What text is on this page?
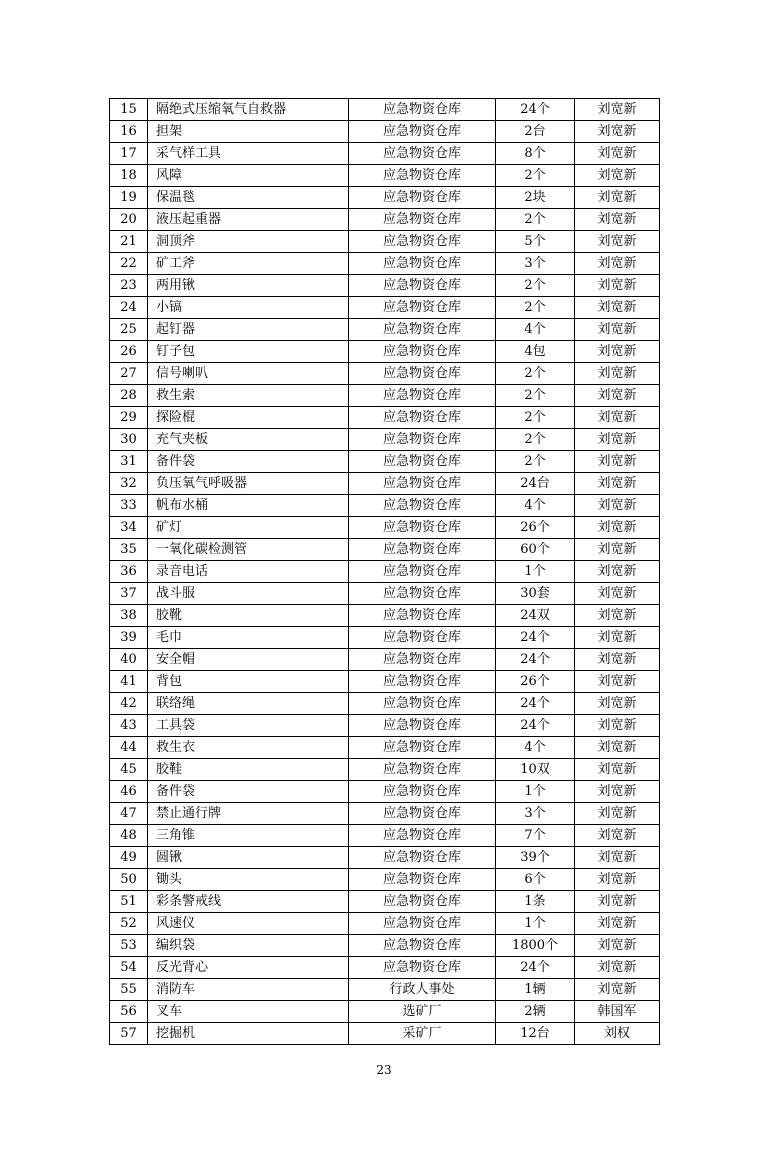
15	隔绝式压缩氧气自救器	应急物资仓库	24个	刘宽新
16	担架	应急物资仓库	2台	刘宽新
17	采气样工具	应急物资仓库	8个	刘宽新
18	风障	应急物资仓库	2个	刘宽新
19	保温毯	应急物资仓库	2块	刘宽新
20	液压起重器	应急物资仓库	2个	刘宽新
21	洞顶斧	应急物资仓库	5个	刘宽新
22	矿工斧	应急物资仓库	3个	刘宽新
23	两用锹	应急物资仓库	2个	刘宽新
24	小镐	应急物资仓库	2个	刘宽新
25	起钉器	应急物资仓库	4个	刘宽新
26	钉子包	应急物资仓库	4包	刘宽新
27	信号喇叭	应急物资仓库	2个	刘宽新
28	救生索	应急物资仓库	2个	刘宽新
29	探险棍	应急物资仓库	2个	刘宽新
30	充气夹板	应急物资仓库	2个	刘宽新
31	备件袋	应急物资仓库	2个	刘宽新
32	负压氧气呼吸器	应急物资仓库	24台	刘宽新
33	帆布水桶	应急物资仓库	4个	刘宽新
34	矿灯	应急物资仓库	26个	刘宽新
35	一氧化碳检测管	应急物资仓库	60个	刘宽新
36	录音电话	应急物资仓库	1个	刘宽新
37	战斗服	应急物资仓库	30套	刘宽新
38	胶靴	应急物资仓库	24双	刘宽新
39	毛巾	应急物资仓库	24个	刘宽新
40	安全帽	应急物资仓库	24个	刘宽新
41	背包	应急物资仓库	26个	刘宽新
42	联络绳	应急物资仓库	24个	刘宽新
43	工具袋	应急物资仓库	24个	刘宽新
44	救生衣	应急物资仓库	4个	刘宽新
45	胶鞋	应急物资仓库	10双	刘宽新
46	备件袋	应急物资仓库	1个	刘宽新
47	禁止通行牌	应急物资仓库	3个	刘宽新
48	三角锥	应急物资仓库	7个	刘宽新
49	圆锹	应急物资仓库	39个	刘宽新
50	锄头	应急物资仓库	6个	刘宽新
51	彩条警戒线	应急物资仓库	1条	刘宽新
52	风速仪	应急物资仓库	1个	刘宽新
53	编织袋	应急物资仓库	1800个	刘宽新
54	反光背心	应急物资仓库	24个	刘宽新
55	消防车	行政人事处	1辆	刘宽新
56	叉车	选矿厂	2辆	韩国军
57	挖掘机	采矿厂	12台	刘权
23
